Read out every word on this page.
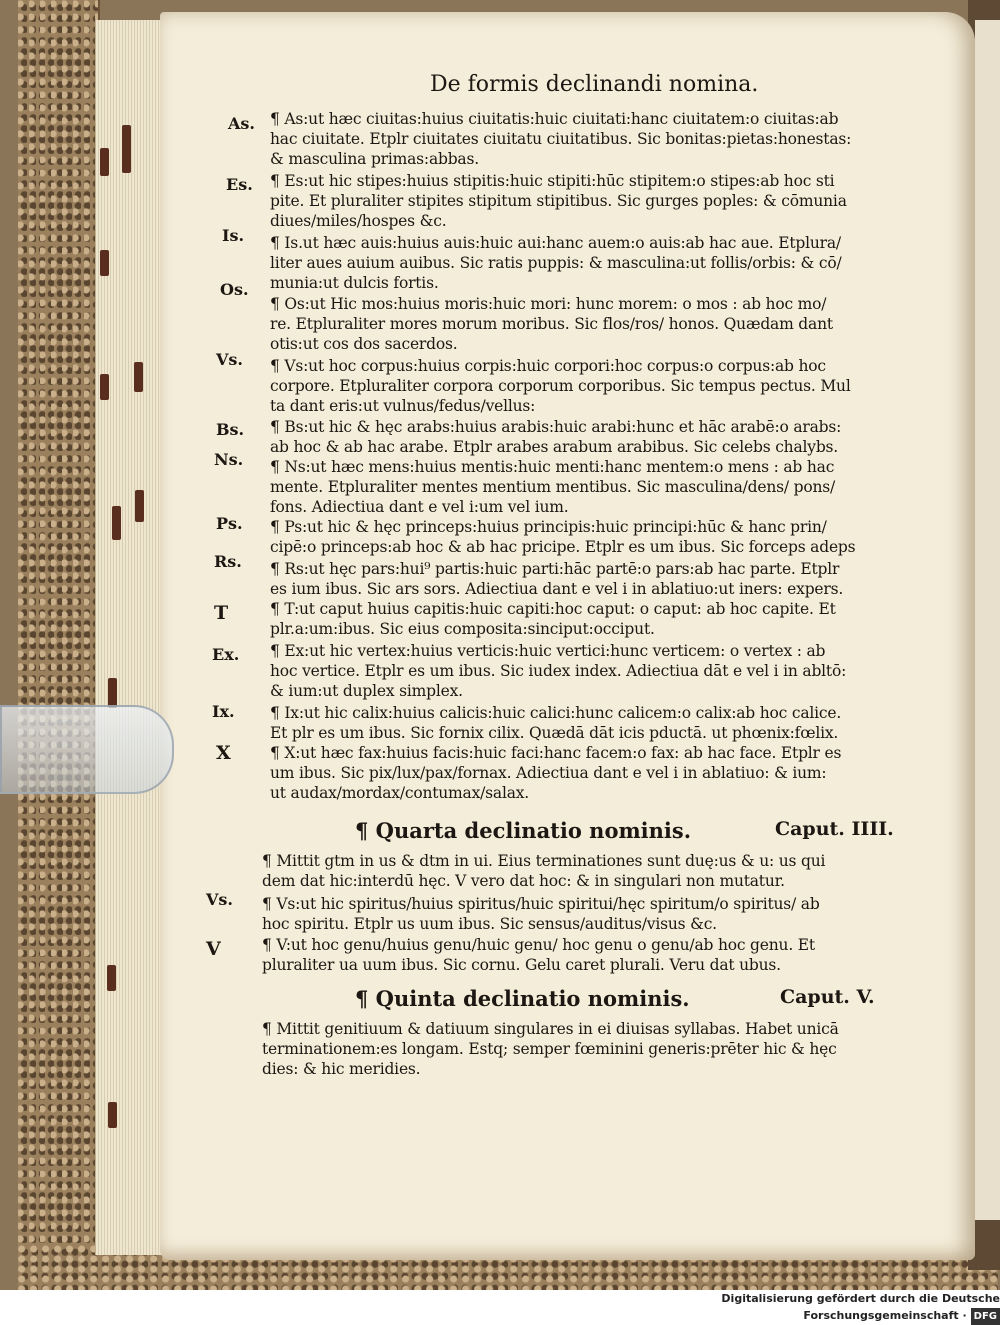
De formis declinandi nomina.
As. ¶ As:ut hæc ciuitas:huius ciuitatis:huic ciuitati:hanc ciuitatem:o ciuitas:ab
hac ciuitate. Etplr ciuitates ciuitatu ciuitatibus. Sic bonitas:pietas:honestas:
& masculina primas:abbas.
Es. ¶ Es:ut hic stipes:huius stipitis:huic stipiti:hūc stipitem:o stipes:ab hoc sti
pite. Et pluraliter stipites stipitum stipitibus. Sic gurges poples: & cōmunia
diues/miles/hospes &c.
Is. ¶ Is.ut hæc auis:huius auis:huic aui:hanc auem:o auis:ab hac aue. Etplura/
liter aues auium auibus. Sic ratis puppis: & masculina:ut follis/orbis: & cō/
munia:ut dulcis fortis.
Os.
¶ Os:ut Hic mos:huius moris:huic mori: hunc morem: o mos : ab hoc mo/
re. Etpluraliter mores morum moribus. Sic flos/ros/ honos. Quædam dant
otis:ut cos dos sacerdos.
Vs. ¶ Vs:ut hoc corpus:huius corpis:huic corpori:hoc corpus:o corpus:ab hoc
corpore. Etpluraliter corpora corporum corporibus. Sic tempus pectus. Mul
ta dant eris:ut vulnus/fedus/vellus:
Bs. ¶ Bs:ut hic & hęc arabs:huius arabis:huic arabi:hunc et hāc arabē:o arabs:
ab hoc & ab hac arabe. Etplr arabes arabum arabibus. Sic celebs chalybs.
Ns. ¶ Ns:ut hæc mens:huius mentis:huic menti:hanc mentem:o mens : ab hac
mente. Etpluraliter mentes mentium mentibus. Sic masculina/dens/ pons/
fons. Adiectiua dant e vel i:um vel ium.
Ps. ¶ Ps:ut hic & hęc princeps:huius principis:huic principi:hūc & hanc prin/
cipē:o princeps:ab hoc & ab hac pricipe. Etplr es um ibus. Sic forceps adeps
Rs. ¶ Rs:ut hęc pars:hui⁹ partis:huic parti:hāc partē:o pars:ab hac parte. Etplr
es ium ibus. Sic ars sors. Adiectiua dant e vel i in ablatiuo:ut iners: expers.
T	¶ T:ut caput huius capitis:huic capiti:hoc caput: o caput: ab hoc capite. Et
plr.a:um:ibus. Sic eius composita:sinciput:occiput.
Ex. ¶ Ex:ut hic vertex:huius verticis:huic vertici:hunc verticem: o vertex : ab
hoc vertice. Etplr es um ibus. Sic iudex index. Adiectiua dāt e vel i in abltō:
& ium:ut duplex simplex.
Ix. ¶ Ix:ut hic calix:huius calicis:huic calici:hunc calicem:o calix:ab hoc calice.
Et plr es um ibus. Sic fornix cilix. Quædā dāt icis pductā. ut phœnix:fœlix.
X	¶ X:ut hæc fax:huius facis:huic faci:hanc facem:o fax: ab hac face. Etplr es
um ibus. Sic pix/lux/pax/fornax. Adiectiua dant e vel i in ablatiuo: & ium:
ut audax/mordax/contumax/salax.
¶ Quarta declinatio nominis.	Caput. IIII.
¶ Mittit gtm in us & dtm in ui. Eius terminationes sunt duę:us & u: us qui
dem dat hic:interdū hęc. V vero dat hoc: & in singulari non mutatur.
Vs. ¶ Vs:ut hic spiritus/huius spiritus/huic spiritui/hęc spiritum/o spiritus/ ab
hoc spiritu. Etplr us uum ibus. Sic sensus/auditus/visus &c.
V	¶ V:ut hoc genu/huius genu/huic genu/ hoc genu o genu/ab hoc genu. Et
pluraliter ua uum ibus. Sic cornu. Gelu caret plurali. Veru dat ubus.
¶ Quinta declinatio nominis.	Caput. V.
¶ Mittit genitiuum & datiuum singulares in ei diuisas syllabas. Habet unicā
terminationem:es longam. Estq; semper fœminini generis:prēter hic & hęc
dies: & hic meridies.
Digitalisierung gefördert durch die Deutsche Forschungsgemeinschaft · DFG
